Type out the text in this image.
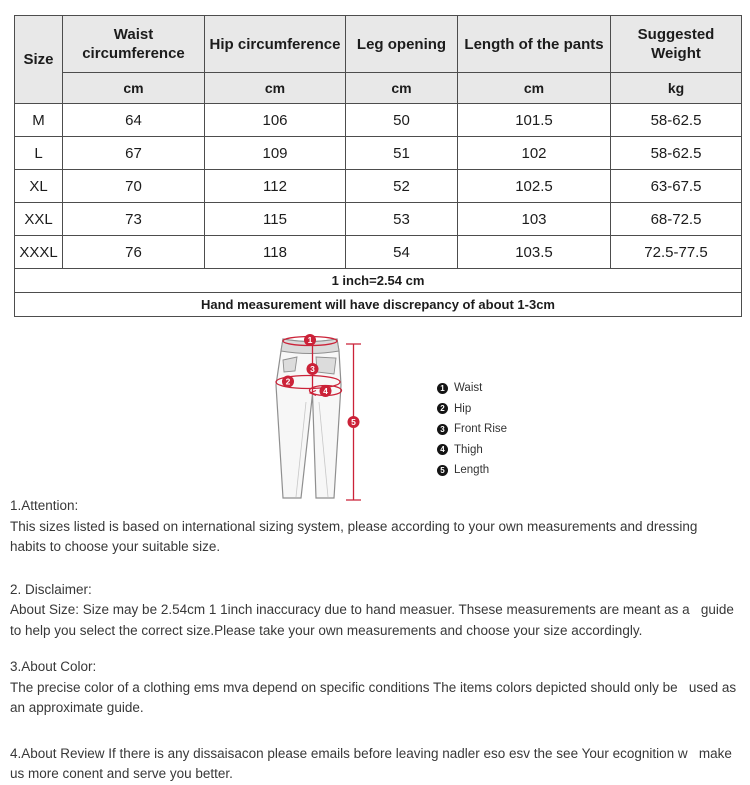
Size	Waist circumference	Hip circumference	Leg opening	Length of the pants	Suggested Weight
	cm	cm	cm	cm	kg
M	64	106	50	101.5	58-62.5
L	67	109	51	102	58-62.5
XL	70	112	52	102.5	63-67.5
XXL	73	115	53	103	68-72.5
XXXL	76	118	54	103.5	72.5-77.5
1 inch=2.54 cm					
Hand measurement will have discrepancy of about 1-3cm					
1
2
3
4
5
1 Waist
2 Hip
3 Front Rise
4 Thigh
5 Length
1.Attention:
This sizes listed is based on international sizing system, please according to your own measurements and dressing   habits to choose your suitable size.
2. Disclaimer:
About Size: Size may be 2.54cm 1 1inch inaccuracy due to hand measuer. Thsese measurements are meant as a   guide to help you select the correct size.Please take your own measurements and choose your size accordingly.
3.About Color:
The precise color of a clothing ems mva depend on specific conditions The items colors depicted should only be   used as an approximate guide.
4.About Review If there is any dissaisacon please emails before leaving nadler eso esv the see Your ecognition w   make us more conent and serve you better.
